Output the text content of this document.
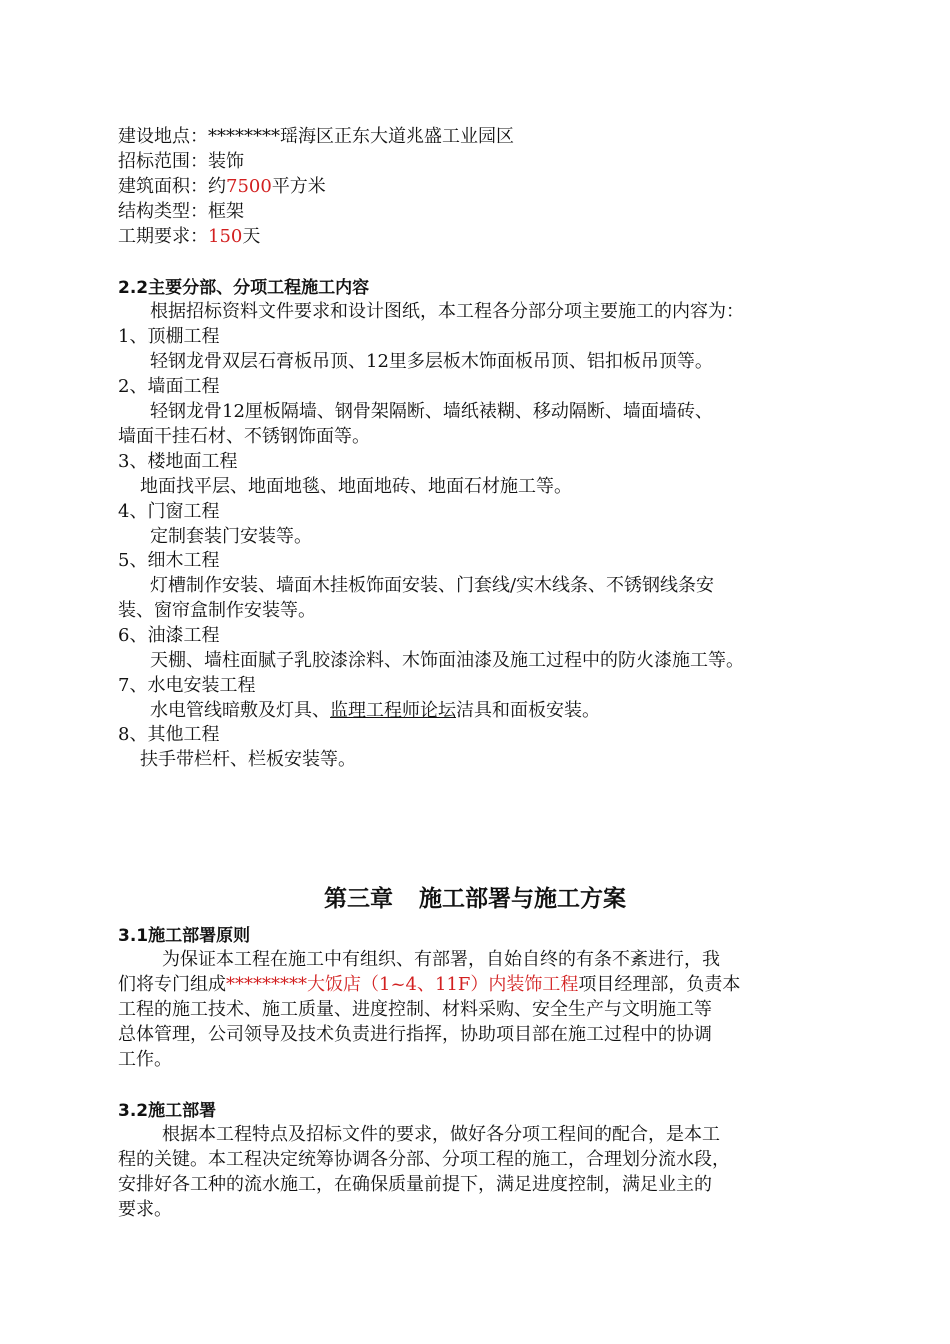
建设地点：********瑶海区正东大道兆盛工业园区
招标范围：装饰
建筑面积：约7500平方米
结构类型：框架
工期要求：150天
2.2主要分部、分项工程施工内容
根据招标资料文件要求和设计图纸，本工程各分部分项主要施工的内容为：
1、顶棚工程
轻钢龙骨双层石膏板吊顶、12里多层板木饰面板吊顶、铝扣板吊顶等。
2、墙面工程
轻钢龙骨12厘板隔墙、钢骨架隔断、墙纸裱糊、移动隔断、墙面墙砖、
墙面干挂石材、不锈钢饰面等。
3、楼地面工程
地面找平层、地面地毯、地面地砖、地面石材施工等。
4、门窗工程
定制套装门安装等。
5、细木工程
灯槽制作安装、墙面木挂板饰面安装、门套线/实木线条、不锈钢线条安
装、窗帘盒制作安装等。
6、油漆工程
天棚、墙柱面腻子乳胶漆涂料、木饰面油漆及施工过程中的防火漆施工等。
7、水电安装工程
水电管线暗敷及灯具、监理工程师论坛洁具和面板安装。
8、其他工程
扶手带栏杆、栏板安装等。
第三章 施工部署与施工方案
3.1施工部署原则
为保证本工程在施工中有组织、有部署，自始自终的有条不紊进行，我
们将专门组成*********大饭店（1~4、11F）内装饰工程项目经理部，负责本
工程的施工技术、施工质量、进度控制、材料采购、安全生产与文明施工等
总体管理，公司领导及技术负责进行指挥，协助项目部在施工过程中的协调
工作。
3.2施工部署
根据本工程特点及招标文件的要求，做好各分项工程间的配合，是本工
程的关键。本工程决定统筹协调各分部、分项工程的施工，合理划分流水段，
安排好各工种的流水施工，在确保质量前提下，满足进度控制，满足业主的
要求。
